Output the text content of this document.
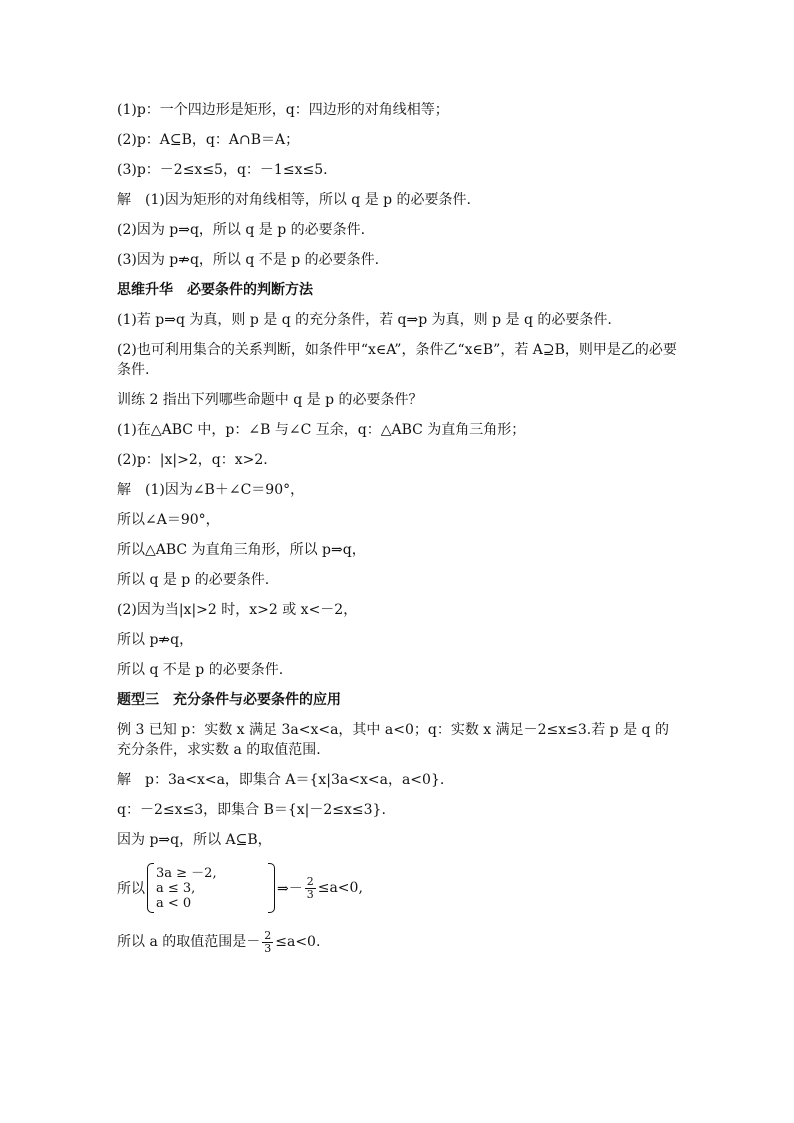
(1)p：一个四边形是矩形，q：四边形的对角线相等；
(2)p：A⊆B，q：A∩B＝A；
(3)p：－2≤x≤5，q：－1≤x≤5.
解　(1)因为矩形的对角线相等，所以 q 是 p 的必要条件.
(2)因为 p⇒q，所以 q 是 p 的必要条件.
(3)因为 p⇏q，所以 q 不是 p 的必要条件.
思维升华　必要条件的判断方法
(1)若 p⇒q 为真，则 p 是 q 的充分条件，若 q⇒p 为真，则 p 是 q 的必要条件.
(2)也可利用集合的关系判断，如条件甲“x∈A”，条件乙“x∈B”，若 A⊇B，则甲是乙的必要条件.
训练 2 指出下列哪些命题中 q 是 p 的必要条件？
(1)在△ABC 中，p：∠B 与∠C 互余，q：△ABC 为直角三角形；
(2)p：|x|>2，q：x>2.
解　(1)因为∠B＋∠C＝90°，
所以∠A＝90°，
所以△ABC 为直角三角形，所以 p⇒q，
所以 q 是 p 的必要条件.
(2)因为当|x|>2 时，x>2 或 x<－2，
所以 p⇏q，
所以 q 不是 p 的必要条件.
题型三　充分条件与必要条件的应用
例 3 已知 p：实数 x 满足 3a<x<a，其中 a<0；q：实数 x 满足－2≤x≤3.若 p 是 q 的充分条件，求实数 a 的取值范围.
解　p：3a<x<a，即集合 A＝{x|3a<x<a，a<0}.
q：－2≤x≤3，即集合 B＝{x|－2≤x≤3}.
因为 p⇒q，所以 A⊆B，
所以
3a ≥ －2,
a ≤ 3,
a < 0
⇒－ $\frac{2}{3} \le a<0$,
所以 a 的取值范围是－ $\frac{2}{3} \le a<0$.
